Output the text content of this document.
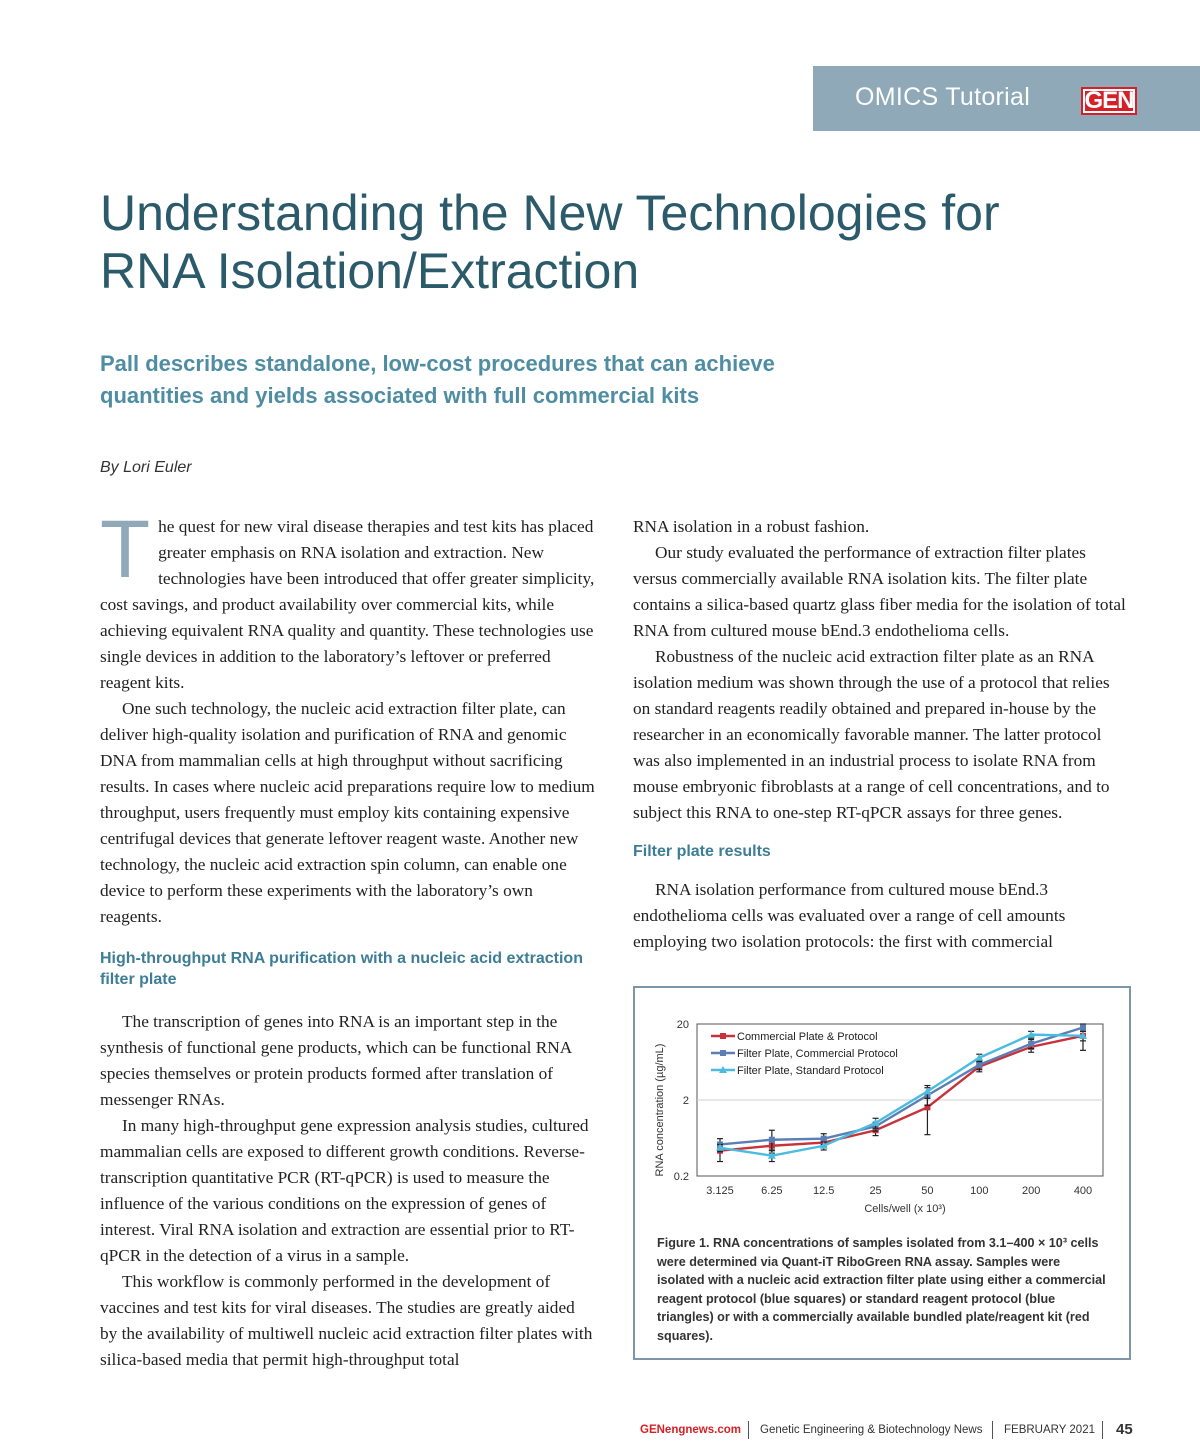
OMICS Tutorial GEN
Understanding the New Technologies for RNA Isolation/Extraction
Pall describes standalone, low-cost procedures that can achieve quantities and yields associated with full commercial kits
By Lori Euler

The quest for new viral disease therapies and test kits has placed greater emphasis on RNA isolation and extraction. New technologies have been introduced that offer greater simplicity, cost savings, and product availability over commercial kits, while achieving equivalent RNA quality and quantity. These technologies use single devices in addition to the laboratory’s leftover or preferred reagent kits.

One such technology, the nucleic acid extraction filter plate, can deliver high-quality isolation and purification of RNA and genomic DNA from mammalian cells at high throughput without sacrificing results. In cases where nucleic acid preparations require low to medium throughput, users frequently must employ kits containing expensive centrifugal devices that generate leftover reagent waste. Another new technology, the nucleic acid extraction spin column, can enable one device to perform these experiments with the laboratory’s own reagents.

High-throughput RNA purification with a nucleic acid extraction filter plate

The transcription of genes into RNA is an important step in the synthesis of functional gene products, which can be functional RNA species themselves or protein products formed after translation of messenger RNAs.

In many high-throughput gene expression analysis studies, cultured mammalian cells are exposed to different growth conditions. Reverse-transcription quantitative PCR (RT-qPCR) is used to measure the influence of the various conditions on the expression of genes of interest. Viral RNA isolation and extraction are essential prior to RT-qPCR in the detection of a virus in a sample.

This workflow is commonly performed in the development of vaccines and test kits for viral diseases. The studies are greatly aided by the availability of multiwell nucleic acid extraction filter plates with silica-based media that permit high-throughput total

RNA isolation in a robust fashion.

Our study evaluated the performance of extraction filter plates versus commercially available RNA isolation kits. The filter plate contains a silica-based quartz glass fiber media for the isolation of total RNA from cultured mouse bEnd.3 endothelioma cells.

Robustness of the nucleic acid extraction filter plate as an RNA isolation medium was shown through the use of a protocol that relies on standard reagents readily obtained and prepared in-house by the researcher in an economically favorable manner. The latter protocol was also implemented in an industrial process to isolate RNA from mouse embryonic fibroblasts at a range of cell concentrations, and to subject this RNA to one-step RT-qPCR assays for three genes.

Filter plate results

RNA isolation performance from cultured mouse bEnd.3 endothelioma cells was evaluated over a range of cell amounts employing two isolation protocols: the first with commercial

20
2
0.2
3.125 6.25	12.5	25	50	100	200	400
Cells/well (x 10³)
RNA concentration (µg/mL)
Commercial Plate & Protocol
Filter Plate, Commercial Protocol
Filter Plate, Standard Protocol

Figure 1. RNA concentrations of samples isolated from 3.1–400 × 10³ cells were determined via Quant-iT RiboGreen RNA assay. Samples were isolated with a nucleic acid extraction filter plate using either a commercial reagent protocol (blue squares) or standard reagent protocol (blue triangles) or with a commercially available bundled plate/reagent kit (red squares).

GENengnews.com Genetic Engineering & Biotechnology News FEBRUARY 2021 45
